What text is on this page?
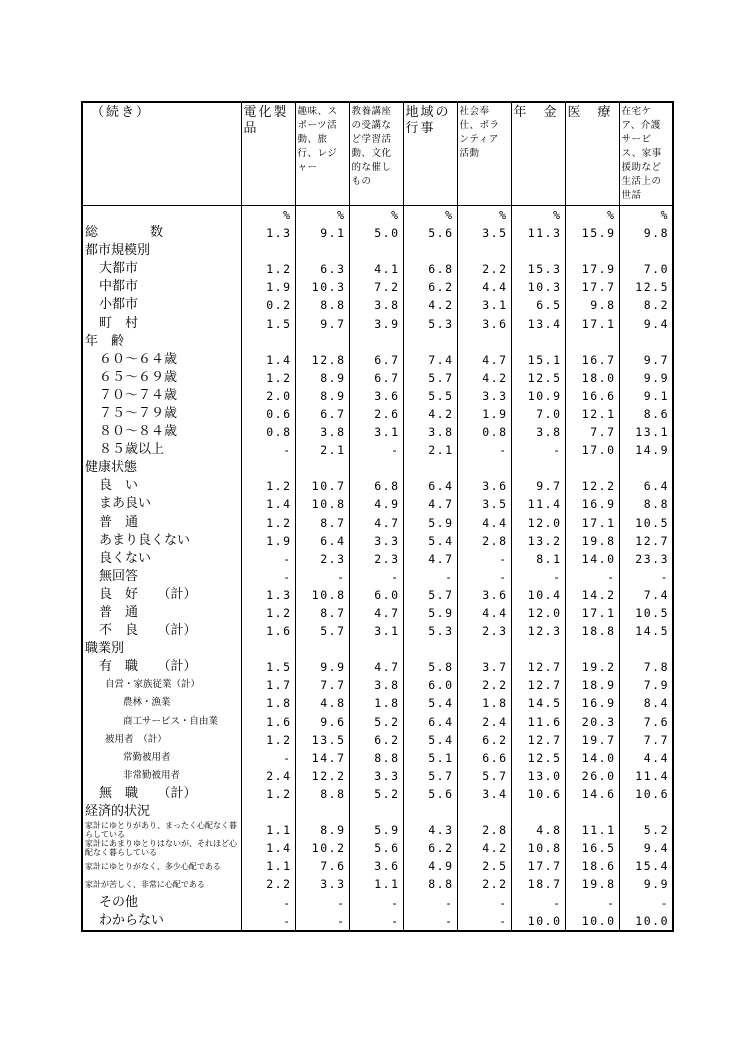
（続き）	電化製品	趣味、スポーツ活動、旅行、レジャー	教養講座の受講など学習活動、文化的な催しもの	地域の行事	社会奉仕、ボランティア活動	年　金	医　療	在宅ケア、介護サービス、家事援助など生活上の世話
	%	%	%	%	%	%	%	%
総　　　　数	1.3	9.1	5.0	5.6	3.5	11.3	15.9	9.8
都市規模別								
大都市	1.2	6.3	4.1	6.8	2.2	15.3	17.9	7.0
中都市	1.9	10.3	7.2	6.2	4.4	10.3	17.7	12.5
小都市	0.2	8.8	3.8	4.2	3.1	6.5	9.8	8.2
町　村	1.5	9.7	3.9	5.3	3.6	13.4	17.1	9.4
年　齢								
６０～６４歳	1.4	12.8	6.7	7.4	4.7	15.1	16.7	9.7
６５～６９歳	1.2	8.9	6.7	5.7	4.2	12.5	18.0	9.9
７０～７４歳	2.0	8.9	3.6	5.5	3.3	10.9	16.6	9.1
７５～７９歳	0.6	6.7	2.6	4.2	1.9	7.0	12.1	8.6
８０～８４歳	0.8	3.8	3.1	3.8	0.8	3.8	7.7	13.1
８５歳以上	-	2.1	-	2.1	-	-	17.0	14.9
健康状態								
良　い	1.2	10.7	6.8	6.4	3.6	9.7	12.2	6.4
まあ良い	1.4	10.8	4.9	4.7	3.5	11.4	16.9	8.8
普　通	1.2	8.7	4.7	5.9	4.4	12.0	17.1	10.5
あまり良くない	1.9	6.4	3.3	5.4	2.8	13.2	19.8	12.7
良くない	-	2.3	2.3	4.7	-	8.1	14.0	23.3
無回答	-	-	-	-	-	-	-	-
良　好　　（計）	1.3	10.8	6.0	5.7	3.6	10.4	14.2	7.4
普　通	1.2	8.7	4.7	5.9	4.4	12.0	17.1	10.5
不　良　　（計）	1.6	5.7	3.1	5.3	2.3	12.3	18.8	14.5
職業別								
有　職　　（計）	1.5	9.9	4.7	5.8	3.7	12.7	19.2	7.8
自営・家族従業（計）	1.7	7.7	3.8	6.0	2.2	12.7	18.9	7.9
農林・漁業	1.8	4.8	1.8	5.4	1.8	14.5	16.9	8.4
商工サービス・自由業	1.6	9.6	5.2	6.4	2.4	11.6	20.3	7.6
被用者　（計）	1.2	13.5	6.2	5.4	6.2	12.7	19.7	7.7
常勤被用者	-	14.7	8.8	5.1	6.6	12.5	14.0	4.4
非常勤被用者	2.4	12.2	3.3	5.7	5.7	13.0	26.0	11.4
無　職　　（計）	1.2	8.8	5.2	5.6	3.4	10.6	14.6	10.6
経済的状況								
家計にゆとりがあり、まったく心配なく暮らしている	1.1	8.9	5.9	4.3	2.8	4.8	11.1	5.2
家計にあまりゆとりはないが、それほど心配なく暮らしている	1.4	10.2	5.6	6.2	4.2	10.8	16.5	9.4
家計にゆとりがなく、多少心配である	1.1	7.6	3.6	4.9	2.5	17.7	18.6	15.4
家計が苦しく、非常に心配である	2.2	3.3	1.1	8.8	2.2	18.7	19.8	9.9
その他	-	-	-	-	-	-	-	-
わからない	-	-	-	-	-	10.0	10.0	10.0
